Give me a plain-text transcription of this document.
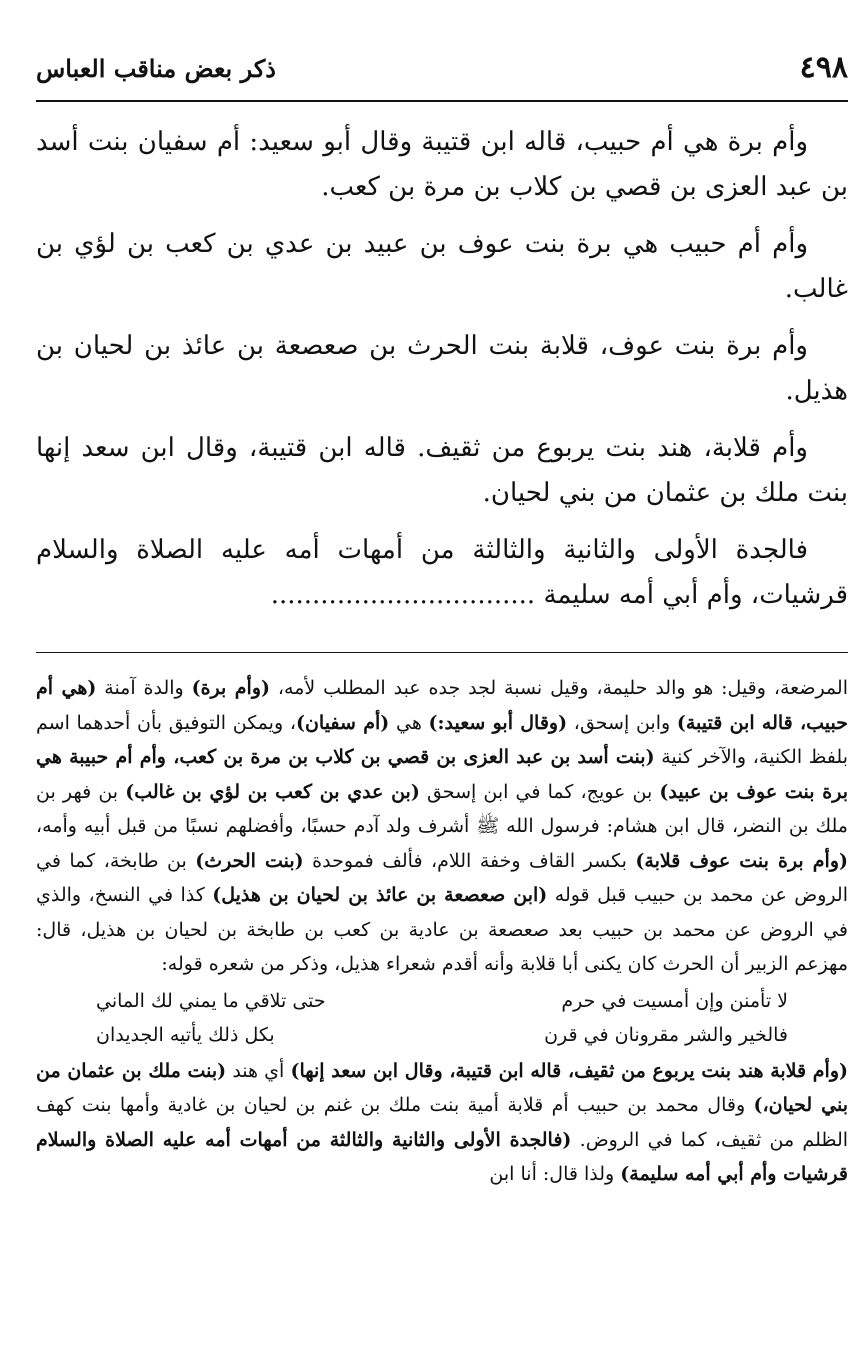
٤٩٨
ذكر بعض مناقب العباس

وأم برة هي أم حبيب، قاله ابن قتيبة وقال أبو سعيد: أم سفيان بنت أسد بن عبد العزى بن قصي بن كلاب بن مرة بن كعب.

وأم أم حبيب هي برة بنت عوف بن عبيد بن عدي بن كعب بن لؤي بن غالب.

وأم برة بنت عوف، قلابة بنت الحرث بن صعصعة بن عائذ بن لحيان بن هذيل.

وأم قلابة، هند بنت يربوع من ثقيف. قاله ابن قتيبة، وقال ابن سعد إنها بنت ملك بن عثمان من بني لحيان.

فالجدة الأولى والثانية والثالثة من أمهات أمه عليه الصلاة والسلام قرشيات، وأم أبي أمه سليمة ................................

المرضعة، وقيل: هو والد حليمة، وقيل نسبة لجد جده عبد المطلب لأمه، (وأم برة) والدة آمنة (هي أم حبيب، قاله ابن قتيبة) وابن إسحق، (وقال أبو سعيد:) هي (أم سفيان)، ويمكن التوفيق بأن أحدهما اسم بلفظ الكنية، والآخر كنية (بنت أسد بن عبد العزى بن قصي بن كلاب بن مرة بن كعب، وأم أم حبيبة هي برة بنت عوف بن عبيد) بن عويج، كما في ابن إسحق (بن عدي بن كعب بن لؤي بن غالب) بن فهر بن ملك بن النضر، قال ابن هشام: فرسول الله ﷺ أشرف ولد آدم حسبًا، وأفضلهم نسبًا من قبل أبيه وأمه، (وأم برة بنت عوف قلابة) بكسر القاف وخفة اللام، فألف فموحدة (بنت الحرث) بن طابخة، كما في الروض عن محمد بن حبيب قبل قوله (ابن صعصعة بن عائذ بن لحيان بن هذيل) كذا في النسخ، والذي في الروض عن محمد بن حبيب بعد صعصعة بن عادية بن كعب بن طابخة بن لحيان بن هذيل، قال: مهزعم الزبير أن الحرث كان يكنى أبا قلابة وأنه أقدم شعراء هذيل، وذكر من شعره قوله:

لا تأمنن وإن أمسيت في حرم
حتى تلاقي ما يمني لك الماني
فالخير والشر مقرونان في قرن
بكل ذلك يأتيه الجديدان

(وأم قلابة هند بنت يربوع من ثقيف، قاله ابن قتيبة، وقال ابن سعد إنها) أي هند (بنت ملك بن عثمان من بني لحيان،) وقال محمد بن حبيب أم قلابة أمية بنت ملك بن غنم بن لحيان بن غادية وأمها بنت كهف الظلم من ثقيف، كما في الروض. (فالجدة الأولى والثانية والثالثة من أمهات أمه عليه الصلاة والسلام قرشيات وأم أبي أمه سليمة) ولذا قال: أنا ابن
